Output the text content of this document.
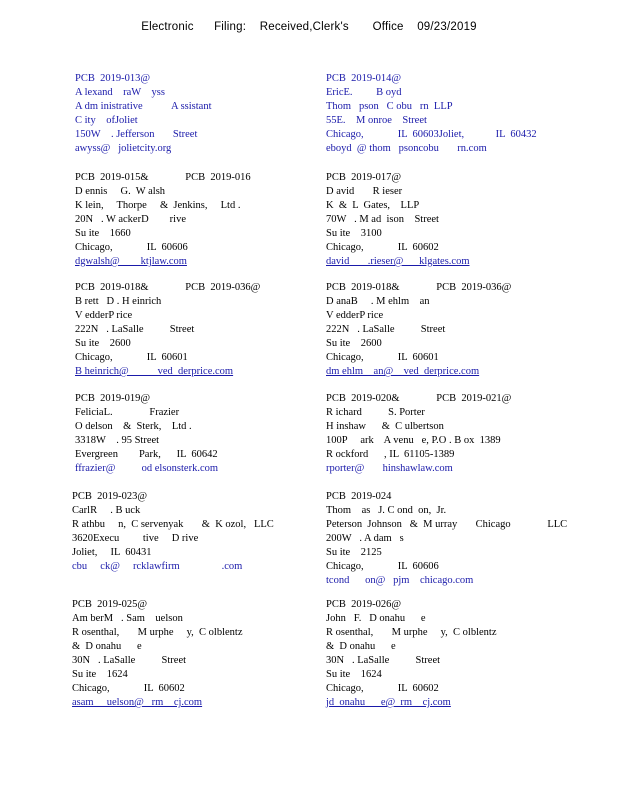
Electronic      Filing:    Received,Clerk's       Office    09/23/2019
PCB  2019-013@
A lexand    raW    yss
A dm inistrative           A ssistant
C ity    ofJoliet
150W    . Jefferson       Street
awyss@   jolietcity.org
PCB  2019-014@
EricE.         B oyd
Thom   pson   C obu   rn  LLP
55E.    M onroe    Street
Chicago,             IL  60603Joliet,            IL  60432
eboyd  @ thom   psoncobu       rn.com
PCB  2019-015&              PCB  2019-016
D ennis     G.  W alsh
K lein,     Thorpe     &  Jenkins,     Ltd .
20N   . W ackerD        rive
Su ite    1660
Chicago,             IL  60606
dgwalsh@        ktjlaw.com
PCB  2019-017@
D avid       R ieser
K  &  L  Gates,    LLP
70W   . M ad  ison    Street
Su ite    3100
Chicago,             IL  60602
david       .rieser@      klgates.com
PCB  2019-018&              PCB  2019-036@
B rett   D . H einrich
V edderP rice
222N   . LaSalle          Street
Su ite    2600
Chicago,             IL  60601
B heinrich@           ved  derprice.com
PCB  2019-018&              PCB  2019-036@
D anaB     . M ehlm    an
V edderP rice
222N   . LaSalle          Street
Su ite    2600
Chicago,             IL  60601
dm ehlm    an@    ved  derprice.com
PCB  2019-019@
FeliciaL.              Frazier
O delson    &  Sterk,    Ltd .
3318W    . 95 Street
Evergreen        Park,      IL  60642
ffrazier@          od elsonsterk.com
PCB  2019-020&              PCB  2019-021@
R ichard          S. Porter
H inshaw      &  C ulbertson
100P     ark    A venu   e, P.O . B ox  1389
R ockford      , IL  61105-1389
rporter@       hinshawlaw.com
PCB  2019-023@
CarlR     . B uck
R athbu     n,  C servenyak       &  K ozol,   LLC
3620Execu         tive     D rive
Joliet,     IL  60431
cbu     ck@     rcklawfirm                .com
PCB  2019-024
Thom    as   J. C ond  on,  Jr.
Peterson  Johnson   &  M urray       Chicago              LLC
200W   . A dam   s
Su ite    2125
Chicago,             IL  60606
tcond      on@   pjm    chicago.com
PCB  2019-025@
Am berM   . Sam    uelson
R osenthal,       M urphe     y,  C olblentz
&  D onahu      e
30N   . LaSalle          Street
Su ite    1624
Chicago,             IL  60602
asam     uelson@   rm    cj.com
PCB  2019-026@
John   F.   D onahu      e
R osenthal,       M urphe     y,  C olblentz
&  D onahu      e
30N   . LaSalle          Street
Su ite    1624
Chicago,             IL  60602
jd  onahu      e@  rm    cj.com
